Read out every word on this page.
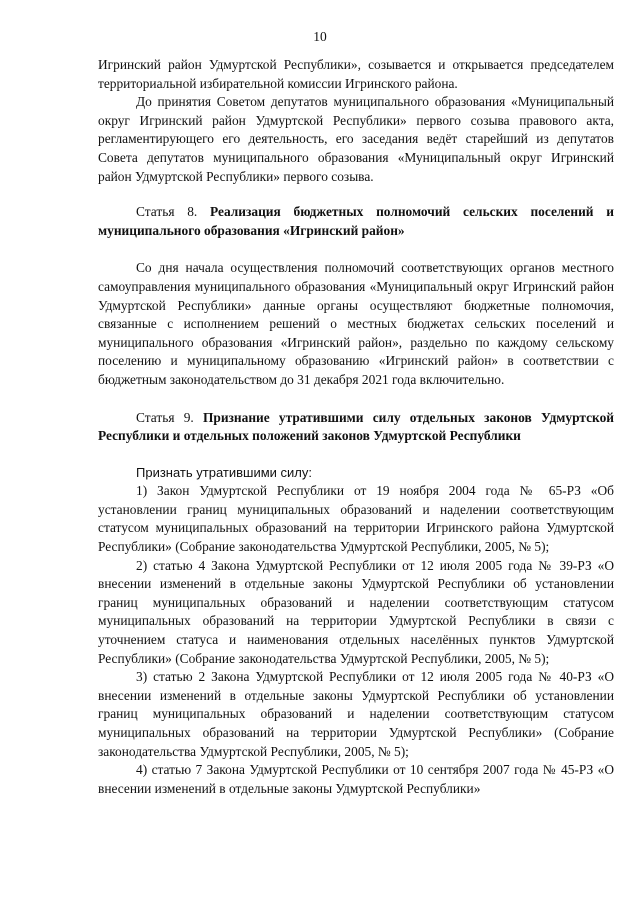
10

Игринский район Удмуртской Республики», созывается и открывается председателем территориальной избирательной комиссии Игринского района.

До принятия Советом депутатов муниципального образования «Муниципальный округ Игринский район Удмуртской Республики» первого созыва правового акта, регламентирующего его деятельность, его заседания ведёт старейший из депутатов Совета депутатов муниципального образования «Муниципальный округ Игринский район Удмуртской Республики» первого созыва.

Статья 8. Реализация бюджетных полномочий сельских поселений и муниципального образования «Игринский район»

Со дня начала осуществления полномочий соответствующих органов местного самоуправления муниципального образования «Муниципальный округ Игринский район Удмуртской Республики» данные органы осуществляют бюджетные полномочия, связанные с исполнением решений о местных бюджетах сельских поселений и муниципального образования «Игринский район», раздельно по каждому сельскому поселению и муниципальному образованию «Игринский район» в соответствии с бюджетным законодательством до 31 декабря 2021 года включительно.

Статья 9. Признание утратившими силу отдельных законов Удмуртской Республики и отдельных положений законов Удмуртской Республики

Признать утратившими силу:

1) Закон Удмуртской Республики от 19 ноября 2004 года № 65-РЗ «Об установлении границ муниципальных образований и наделении соответствующим статусом муниципальных образований на территории Игринского района Удмуртской Республики» (Собрание законодательства Удмуртской Республики, 2005, № 5);

2) статью 4 Закона Удмуртской Республики от 12 июля 2005 года № 39-РЗ «О внесении изменений в отдельные законы Удмуртской Республики об установлении границ муниципальных образований и наделении соответствующим статусом муниципальных образований на территории Удмуртской Республики в связи с уточнением статуса и наименования отдельных населённых пунктов Удмуртской Республики» (Собрание законодательства Удмуртской Республики, 2005, № 5);

3) статью 2 Закона Удмуртской Республики от 12 июля 2005 года № 40-РЗ «О внесении изменений в отдельные законы Удмуртской Республики об установлении границ муниципальных образований и наделении соответствующим статусом муниципальных образований на территории Удмуртской Республики» (Собрание законодательства Удмуртской Республики, 2005, № 5);

4) статью 7 Закона Удмуртской Республики от 10 сентября 2007 года № 45-РЗ «О внесении изменений в отдельные законы Удмуртской Республики»
